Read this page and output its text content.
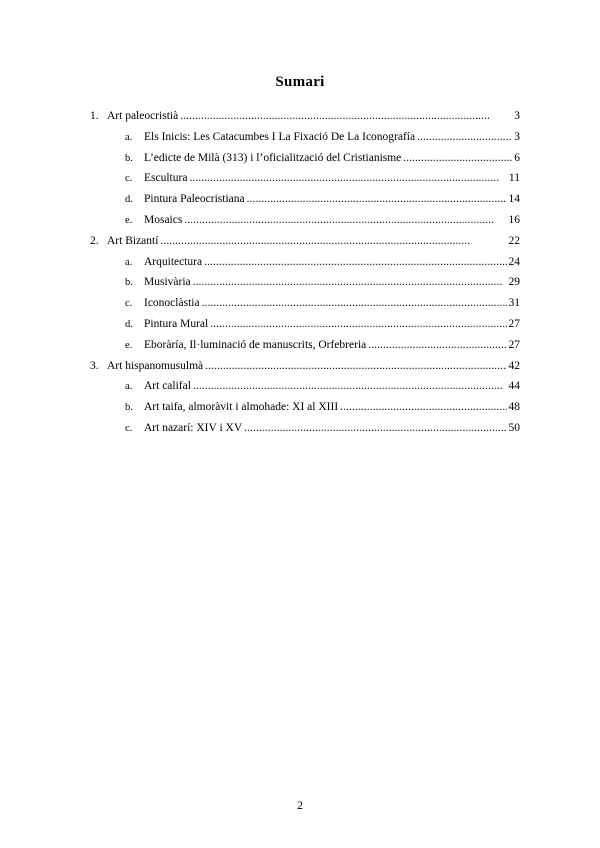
Sumari
1. Art paleocristià . . .	3
a.	Els Inicis: Les Catacumbes I La Fixació De La Iconografía . . .	3
b. L’edicte de Milà (313) i l’oficialització del Cristianisme . . .	6
c.	Escultura . . .	11
d. Pintura Paleocristiana . . .	14
e.	Mosaics . . .	16
2. Art Bizantí . . .	22
a.	Arquitectura . . .	24
b. Musivària . . .	29
c.	Iconoclàstia . . .	31
d. Pintura Mural . . .	27
e.	Eboràría, Il·luminació de manuscrits, Orfebreria . . .	27
3. Art hispanomusulmà . . .	42
a.	Art califal . . .	44
b. Art taifa, almoràvit i almohade: XI al XIII . . .	48
c.	Art nazarí: XIV i XV . . .	50
2
